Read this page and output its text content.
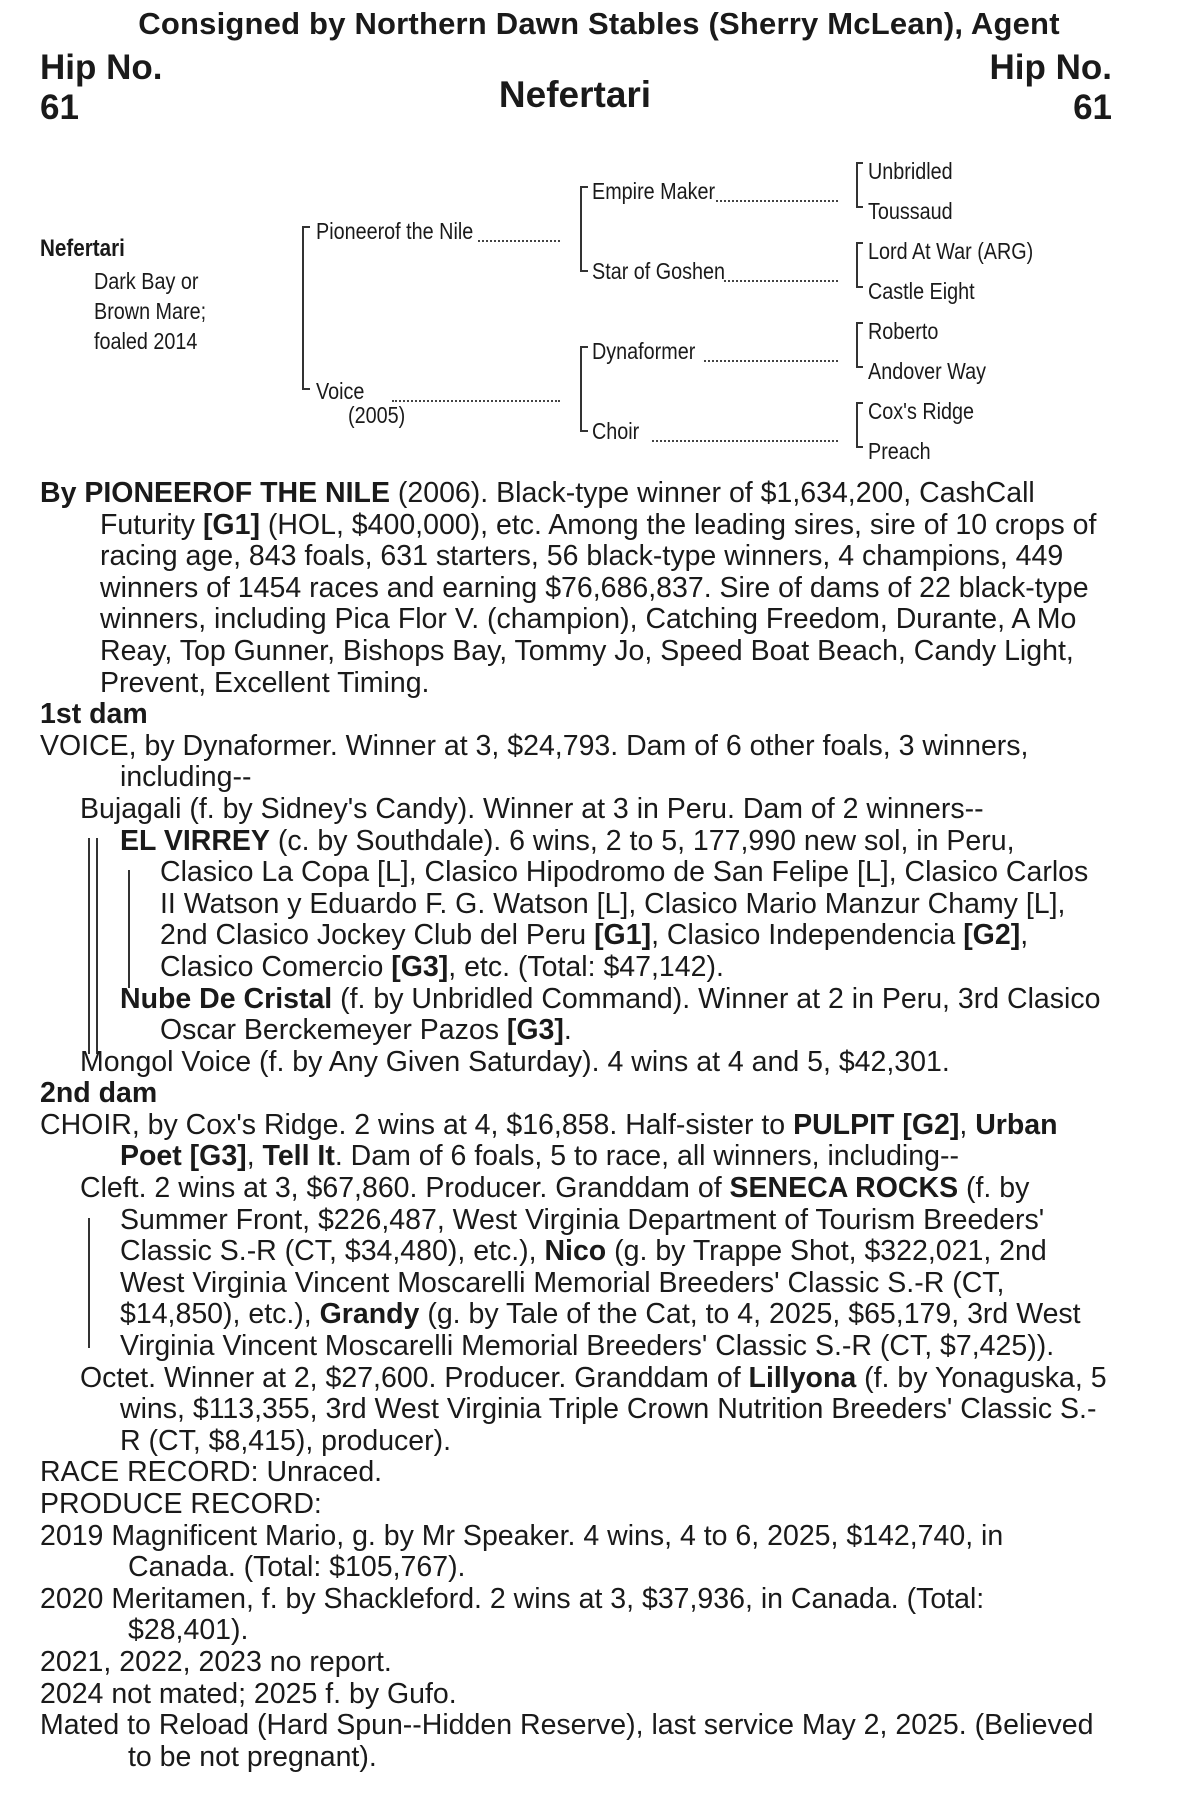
Consigned by Northern Dawn Stables (Sherry McLean), Agent
Hip No.
61
Hip No.
61
Nefertari
Nefertari
Dark Bay or
Brown Mare;
foaled 2014
Pioneerof the Nile
Voice
(2005)
Empire Maker
Star of Goshen
Dynaformer
Choir
Unbridled
Toussaud
Lord At War (ARG)
Castle Eight
Roberto
Andover Way
Cox's Ridge
Preach
By PIONEEROF THE NILE (2006). Black-type winner of $1,634,200, CashCall Futurity [G1] (HOL, $400,000), etc. Among the leading sires, sire of 10 crops of racing age, 843 foals, 631 starters, 56 black-type winners, 4 champions, 449 winners of 1454 races and earning $76,686,837. Sire of dams of 22 black-type winners, including Pica Flor V. (champion), Catching Freedom, Durante, A Mo Reay, Top Gunner, Bishops Bay, Tommy Jo, Speed Boat Beach, Candy Light, Prevent, Excellent Timing.
1st dam
VOICE, by Dynaformer. Winner at 3, $24,793. Dam of 6 other foals, 3 winners, including--
Bujagali (f. by Sidney's Candy). Winner at 3 in Peru. Dam of 2 winners--
EL VIRREY (c. by Southdale). 6 wins, 2 to 5, 177,990 new sol, in Peru, Clasico La Copa [L], Clasico Hipodromo de San Felipe [L], Clasico Carlos II Watson y Eduardo F. G. Watson [L], Clasico Mario Manzur Chamy [L], 2nd Clasico Jockey Club del Peru [G1], Clasico Independencia [G2], Clasico Comercio [G3], etc. (Total: $47,142).
Nube De Cristal (f. by Unbridled Command). Winner at 2 in Peru, 3rd Clasico Oscar Berckemeyer Pazos [G3].
Mongol Voice (f. by Any Given Saturday). 4 wins at 4 and 5, $42,301.
2nd dam
CHOIR, by Cox's Ridge. 2 wins at 4, $16,858. Half-sister to PULPIT [G2], Urban Poet [G3], Tell It. Dam of 6 foals, 5 to race, all winners, including--
Cleft. 2 wins at 3, $67,860. Producer. Granddam of SENECA ROCKS (f. by Summer Front, $226,487, West Virginia Department of Tourism Breeders' Classic S.-R (CT, $34,480), etc.), Nico (g. by Trappe Shot, $322,021, 2nd West Virginia Vincent Moscarelli Memorial Breeders' Classic S.-R (CT, $14,850), etc.), Grandy (g. by Tale of the Cat, to 4, 2025, $65,179, 3rd West Virginia Vincent Moscarelli Memorial Breeders' Classic S.-R (CT, $7,425)).
Octet. Winner at 2, $27,600. Producer. Granddam of Lillyona (f. by Yonaguska, 5 wins, $113,355, 3rd West Virginia Triple Crown Nutrition Breeders' Classic S.-R (CT, $8,415), producer).
RACE RECORD: Unraced.
PRODUCE RECORD:
2019 Magnificent Mario, g. by Mr Speaker. 4 wins, 4 to 6, 2025, $142,740, in Canada. (Total: $105,767).
2020 Meritamen, f. by Shackleford. 2 wins at 3, $37,936, in Canada. (Total: $28,401).
2021, 2022, 2023 no report.
2024 not mated; 2025 f. by Gufo.
Mated to Reload (Hard Spun--Hidden Reserve), last service May 2, 2025. (Believed to be not pregnant).
